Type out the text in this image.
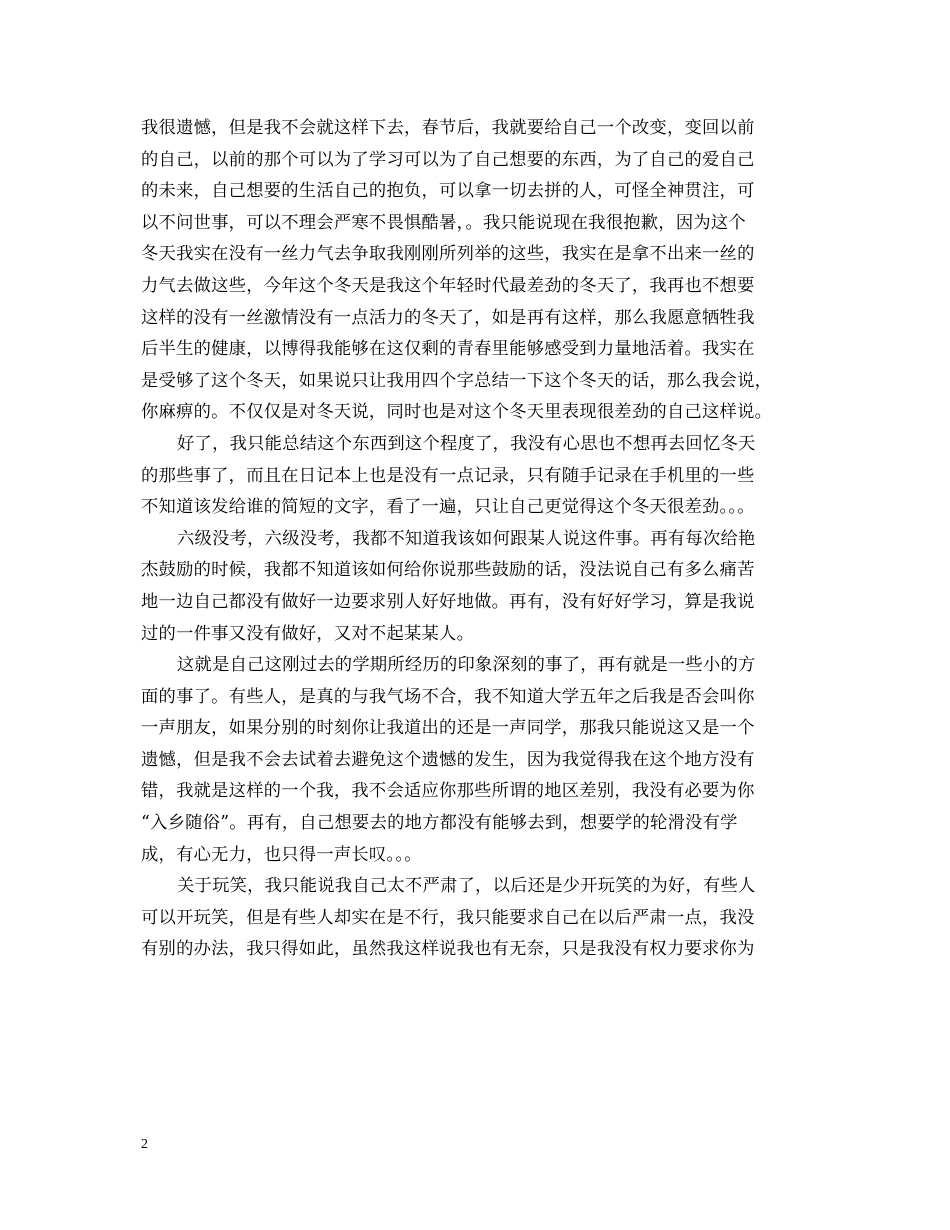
我很遗憾，但是我不会就这样下去，春节后，我就要给自己一个改变，变回以前
的自己，以前的那个可以为了学习可以为了自己想要的东西，为了自己的爱自己
的未来，自己想要的生活自己的抱负，可以拿一切去拼的人，可怪全神贯注，可
以不问世事，可以不理会严寒不畏惧酷暑，。我只能说现在我很抱歉，因为这个
冬天我实在没有一丝力气去争取我刚刚所列举的这些，我实在是拿不出来一丝的
力气去做这些，今年这个冬天是我这个年轻时代最差劲的冬天了，我再也不想要
这样的没有一丝激情没有一点活力的冬天了，如是再有这样，那么我愿意牺牲我
后半生的健康，以博得我能够在这仅剩的青春里能够感受到力量地活着。我实在
是受够了这个冬天，如果说只让我用四个字总结一下这个冬天的话，那么我会说，
你麻痹的。不仅仅是对冬天说，同时也是对这个冬天里表现很差劲的自己这样说。
好了，我只能总结这个东西到这个程度了，我没有心思也不想再去回忆冬天
的那些事了，而且在日记本上也是没有一点记录，只有随手记录在手机里的一些
不知道该发给谁的简短的文字，看了一遍，只让自己更觉得这个冬天很差劲。。。
六级没考，六级没考，我都不知道我该如何跟某人说这件事。再有每次给艳
杰鼓励的时候，我都不知道该如何给你说那些鼓励的话，没法说自己有多么痛苦
地一边自己都没有做好一边要求别人好好地做。再有，没有好好学习，算是我说
过的一件事又没有做好，又对不起某某人。
这就是自己这刚过去的学期所经历的印象深刻的事了，再有就是一些小的方
面的事了。有些人，是真的与我气场不合，我不知道大学五年之后我是否会叫你
一声朋友，如果分别的时刻你让我道出的还是一声同学，那我只能说这又是一个
遗憾，但是我不会去试着去避免这个遗憾的发生，因为我觉得我在这个地方没有
错，我就是这样的一个我，我不会适应你那些所谓的地区差别，我没有必要为你
“入乡随俗”。再有，自己想要去的地方都没有能够去到，想要学的轮滑没有学
成，有心无力，也只得一声长叹。。。
关于玩笑，我只能说我自己太不严肃了，以后还是少开玩笑的为好，有些人
可以开玩笑，但是有些人却实在是不行，我只能要求自己在以后严肃一点，我没
有别的办法，我只得如此，虽然我这样说我也有无奈，只是我没有权力要求你为
2
